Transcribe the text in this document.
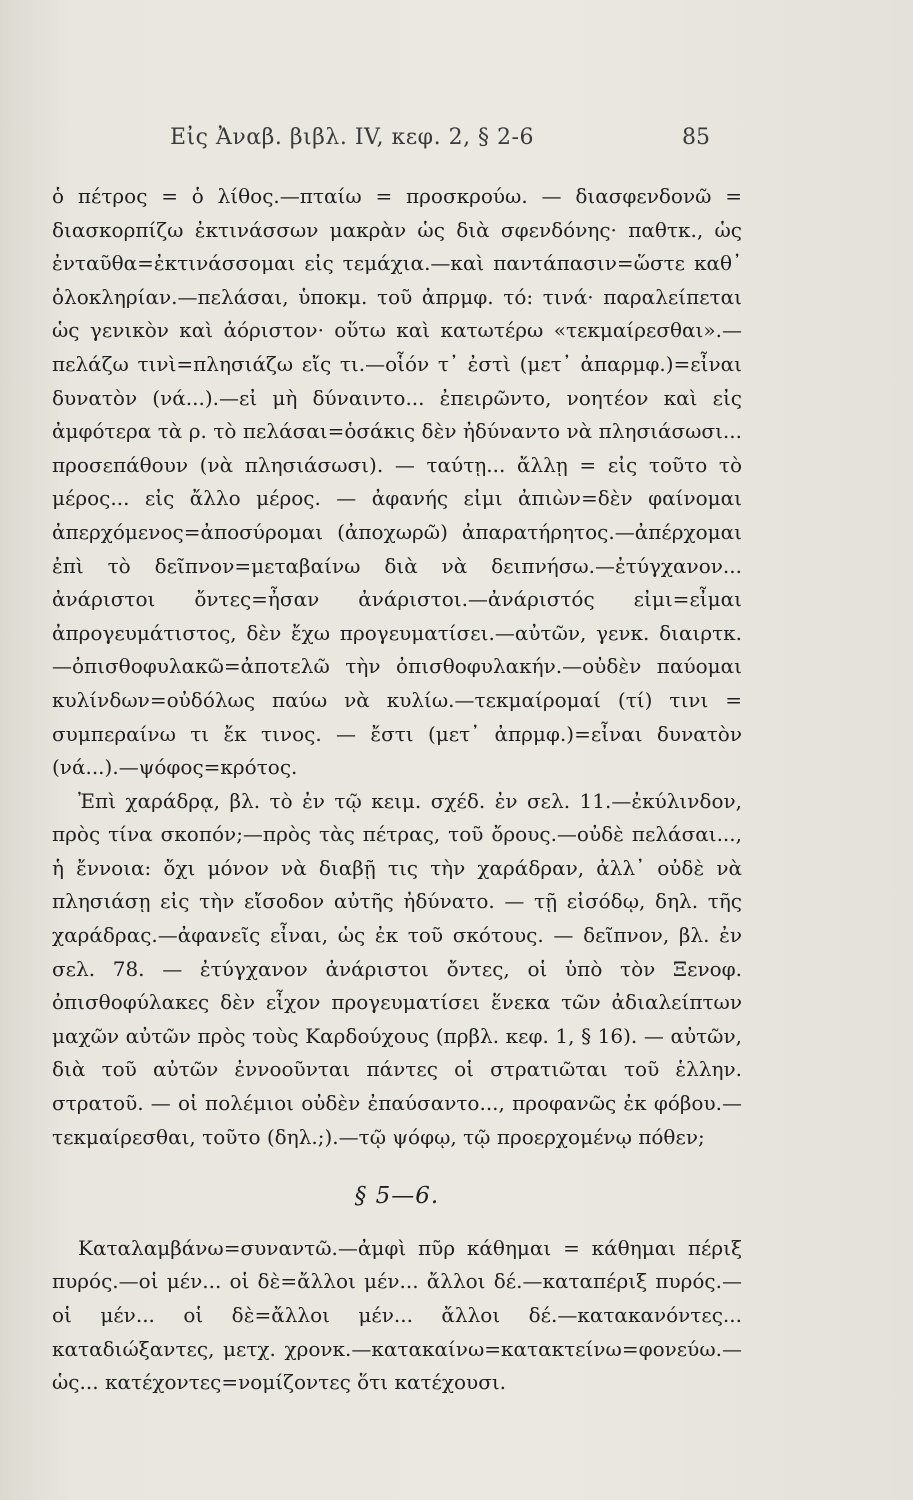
Εἰς Ἀναβ. βιβλ. IV, κεφ. 2, § 2-6	85

ὁ πέτρος = ὁ λίθος.—πταίω = προσκρούω. — διασφενδονῶ = διασκορπίζω ἐκτινάσσων μακρὰν ὡς διὰ σφενδόνης· παθτκ., ὡς ἐνταῦθα=ἐκτινάσσομαι εἰς τεμάχια.—καὶ παντάπασιν=ὥστε καθ᾽ ὁλοκληρίαν.—πελάσαι, ὑποκμ. τοῦ ἀπρμφ. τό: τινά· παραλείπεται ὡς γενικὸν καὶ ἀόριστον· οὕτω καὶ κατωτέρω «τεκμαίρεσθαι».—πελάζω τινὶ=πλησιάζω εἴς τι.—οἷόν τ᾽ ἐστὶ (μετ᾽ ἀπαρμφ.)=εἶναι δυνατὸν (νά...).—εἰ μὴ δύναιντο... ἐπειρῶντο, νοητέον καὶ εἰς ἀμφότερα τὰ ρ. τὸ πελάσαι=ὁσάκις δὲν ἠδύναντο νὰ πλησιάσωσι... προσεπάθουν (νὰ πλησιάσωσι). — ταύτῃ... ἄλλῃ = εἰς τοῦτο τὸ μέρος... εἰς ἄλλο μέρος. — ἀφανής εἰμι ἀπιὼν=δὲν φαίνομαι ἀπερχόμενος=ἀποσύρομαι (ἀποχωρῶ) ἀπαρατήρητος.—ἀπέρχομαι ἐπὶ τὸ δεῖπνον=μεταβαίνω διὰ νὰ δειπνήσω.—ἐτύγχανον... ἀνάριστοι ὄντες=ἦσαν ἀνάριστοι.—ἀνάριστός εἰμι=εἶμαι ἀπρογευμάτιστος, δὲν ἔχω προγευματίσει.—αὐτῶν, γενκ. διαιρτκ.—ὀπισθοφυλακῶ=ἀποτελῶ τὴν ὀπισθοφυλακήν.—οὐδὲν παύομαι κυλίνδων=οὐδόλως παύω νὰ κυλίω.—τεκμαίρομαί (τί) τινι = συμπεραίνω τι ἔκ τινος. — ἔστι (μετ᾽ ἀπρμφ.)=εἶναι δυνατὸν (νά...).—ψόφος=κρότος.

Ἐπὶ χαράδρᾳ, βλ. τὸ ἐν τῷ κειμ. σχέδ. ἐν σελ. 11.—ἐκύλινδον, πρὸς τίνα σκοπόν;—πρὸς τὰς πέτρας, τοῦ ὄρους.—οὐδὲ πελάσαι..., ἡ ἔννοια: ὄχι μόνον νὰ διαβῇ τις τὴν χαράδραν, ἀλλ᾽ οὐδὲ νὰ πλησιάσῃ εἰς τὴν εἴσοδον αὐτῆς ἠδύνατο. — τῇ εἰσόδῳ, δηλ. τῆς χαράδρας.—ἀφανεῖς εἶναι, ὡς ἐκ τοῦ σκότους. — δεῖπνον, βλ. ἐν σελ. 78. — ἐτύγχανον ἀνάριστοι ὄντες, οἱ ὑπὸ τὸν Ξενοφ. ὀπισθοφύλακες δὲν εἶχον προγευματίσει ἕνεκα τῶν ἀδιαλείπτων μαχῶν αὐτῶν πρὸς τοὺς Καρδούχους (πρβλ. κεφ. 1, § 16). — αὐτῶν, διὰ τοῦ αὐτῶν ἐννοοῦνται πάντες οἱ στρατιῶται τοῦ ἑλλην. στρατοῦ. — οἱ πολέμιοι οὐδὲν ἐπαύσαντο..., προφανῶς ἐκ φόβου.—τεκμαίρεσθαι, τοῦτο (δηλ.;).—τῷ ψόφῳ, τῷ προερχομένῳ πόθεν;

§ 5—6.

Καταλαμβάνω=συναντῶ.—ἀμφὶ πῦρ κάθημαι = κάθημαι πέριξ πυρός.—οἱ μέν... οἱ δὲ=ἄλλοι μέν... ἄλλοι δέ.—καταπέριξ πυρός.—οἱ μέν... οἱ δὲ=ἄλλοι μέν... ἄλλοι δέ.—κατακανόντες... καταδιώξαντες, μετχ. χρονκ.—κατακαίνω=κατακτείνω=φονεύω.—ὡς... κατέχοντες=νομίζοντες ὅτι κατέχουσι.
